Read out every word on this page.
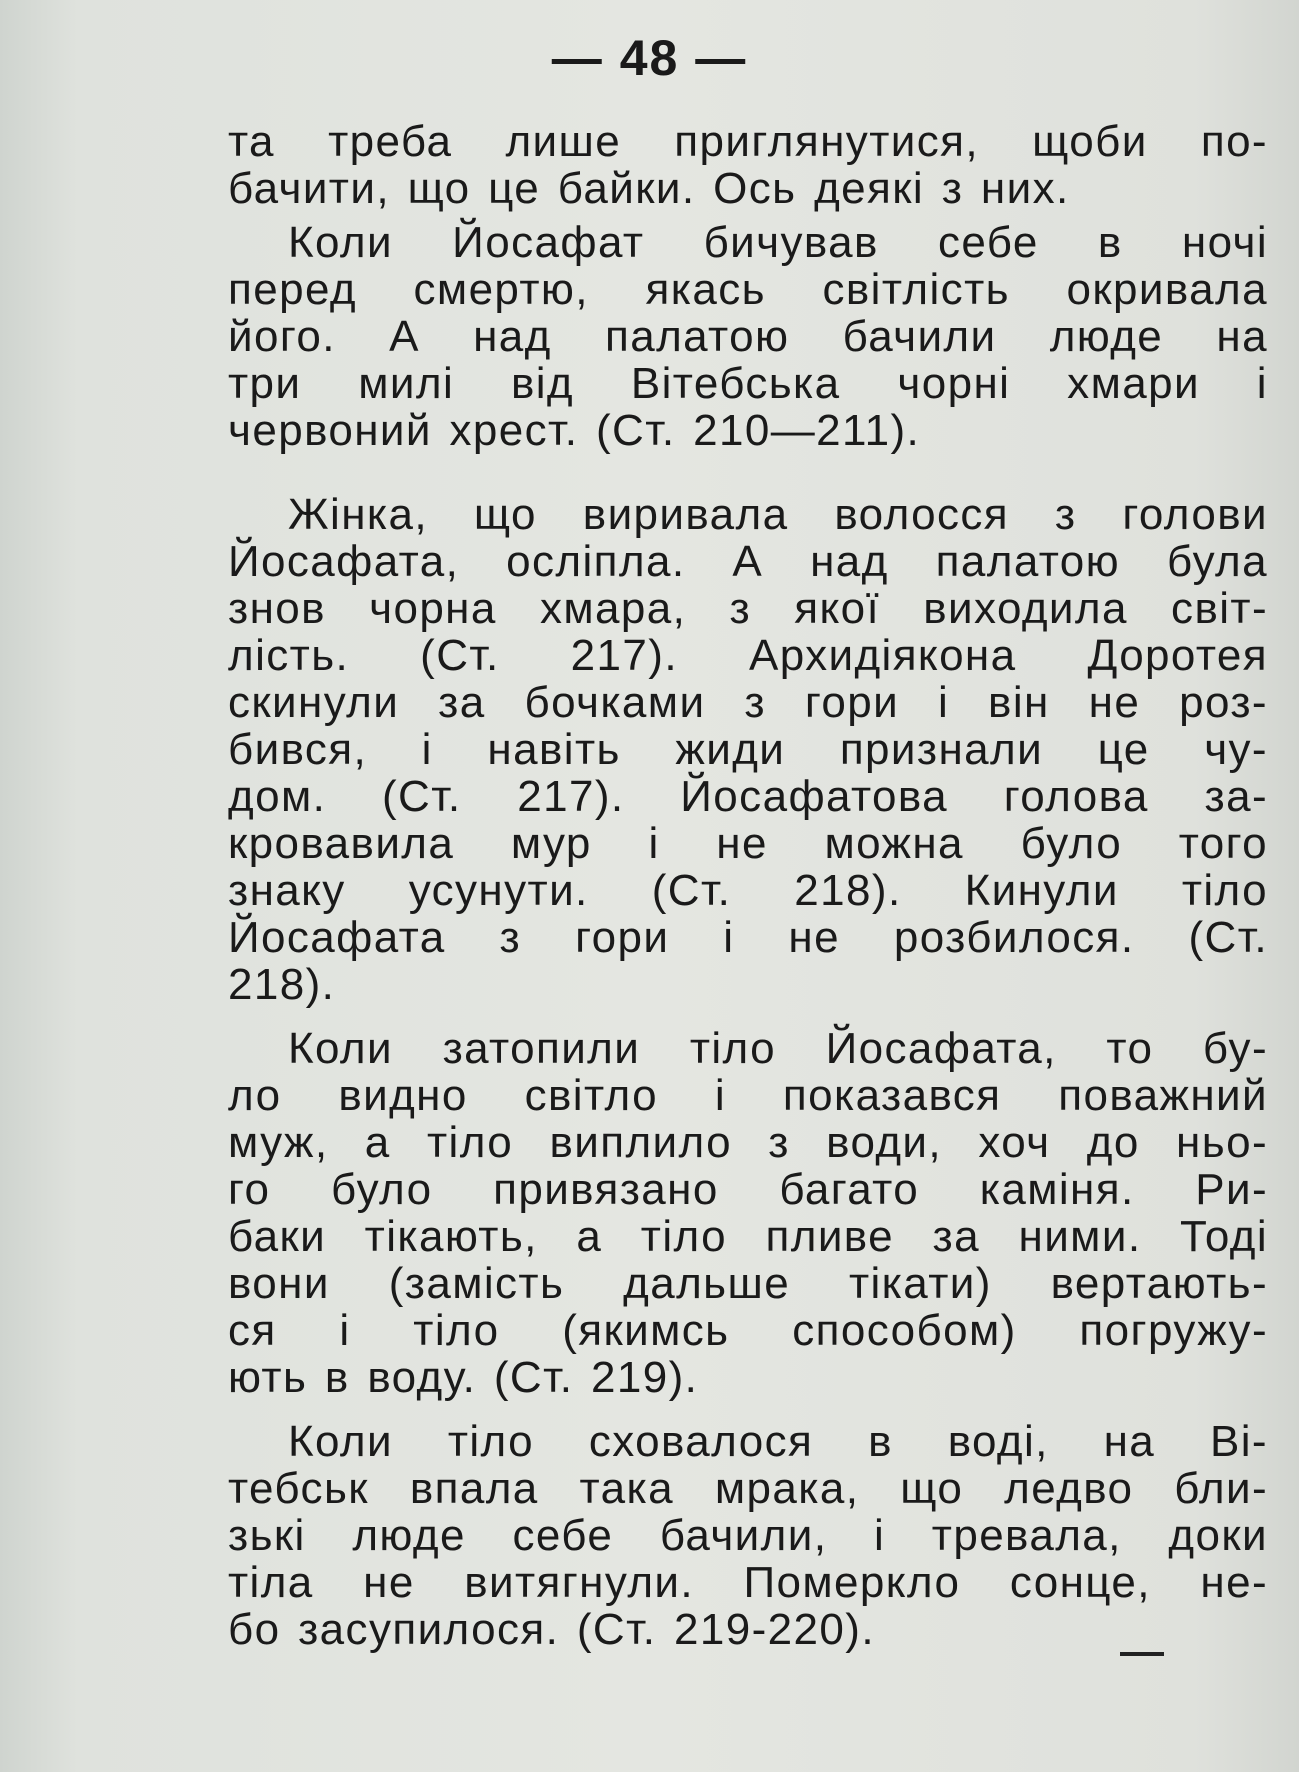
— 48 —
та треба лише приглянутися, щоби по-
бачити, що це байки. Ось деякі з них.
Коли Йосафат бичував себе в ночі
перед смертю, якась світлість окривала
його. А над палатою бачили люде на
три милі від Вітебська чорні хмари і
червоний хрест. (Ст. 210—211).
Жінка, що виривала волосся з голови
Йосафата, осліпла. А над палатою була
знов чорна хмара, з якої виходила світ-
лість. (Ст. 217). Архидіякона Доротея
скинули за бочками з гори і він не роз-
бився, і навіть жиди признали це чу-
дом. (Ст. 217). Йосафатова голова за-
кровавила мур і не можна було того
знаку усунути. (Ст. 218). Кинули тіло
Йосафата з гори і не розбилося. (Ст.
218).
Коли затопили тіло Йосафата, то бу-
ло видно світло і показався поважний
муж, а тіло виплило з води, хоч до ньо-
го було привязано багато каміня. Ри-
баки тікають, а тіло пливе за ними. Тоді
вони (замість дальше тікати) вертають-
ся і тіло (якимсь способом) погружу-
ють в воду. (Ст. 219).
Коли тіло сховалося в воді, на Ві-
тебськ впала така мрака, що ледво бли-
зькі люде себе бачили, і тревала, доки
тіла не витягнули. Померкло сонце, не-
бо засупилося. (Ст. 219-220).
